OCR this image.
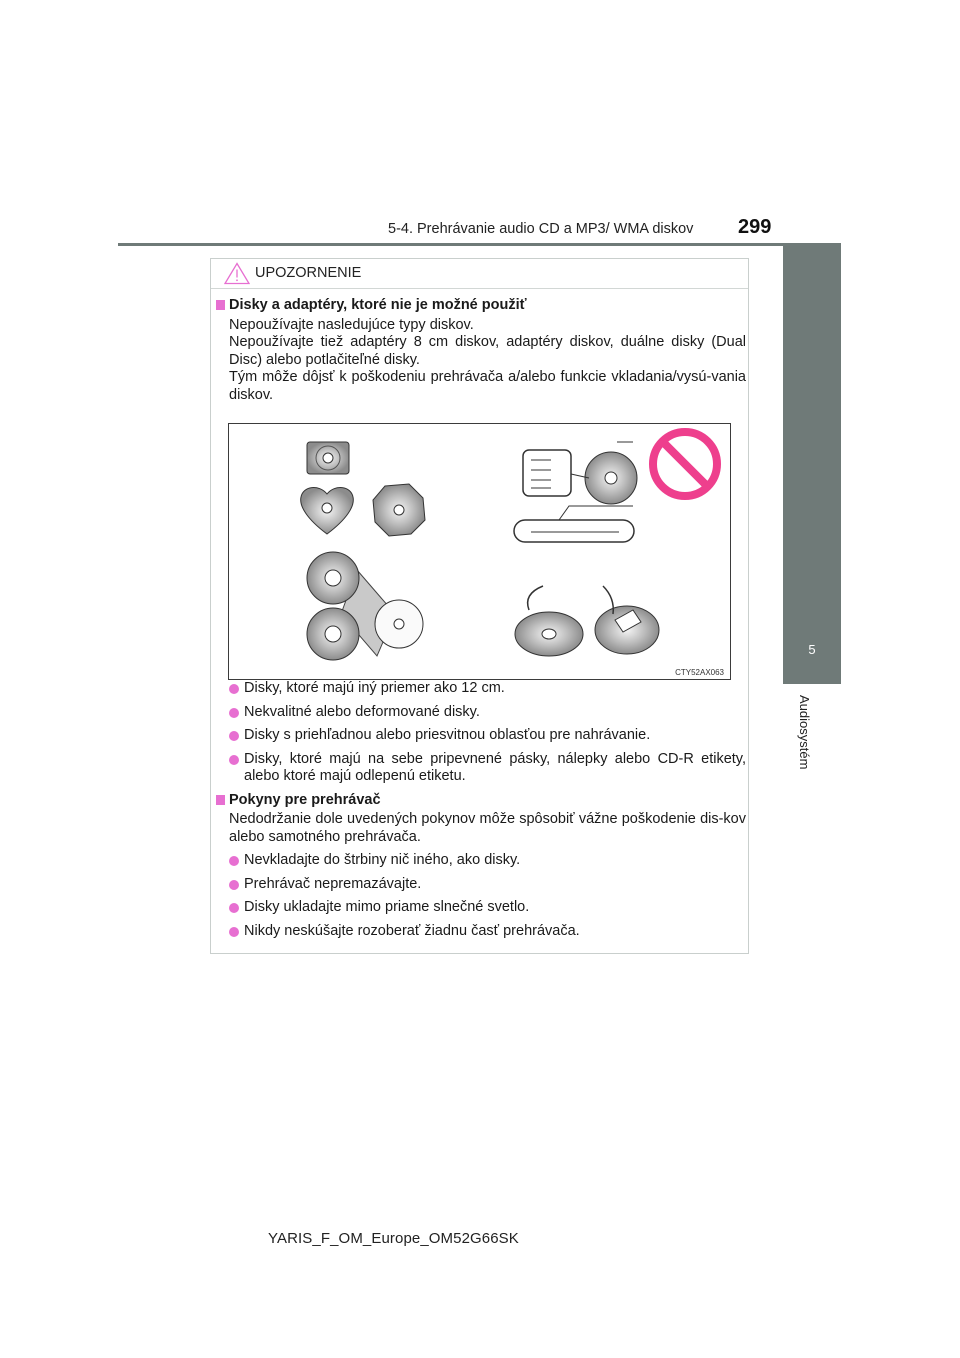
5-4. Prehrávanie audio CD a MP3/ WMA diskov 299
5
Audiosystém
UPOZORNENIE
Disky a adaptéry, ktoré nie je možné použiť
Nepoužívajte nasledujúce typy diskov.
Nepoužívajte tiež adaptéry 8 cm diskov, adaptéry diskov, duálne disky (Dual Disc) alebo potlačiteľné disky.
Tým môže dôjsť k poškodeniu prehrávača a/alebo funkcie vkladania/vysú-vania diskov.
Disky, ktoré majú iný priemer ako 12 cm.
Nekvalitné alebo deformované disky.
Disky s priehľadnou alebo priesvitnou oblasťou pre nahrávanie.
Disky, ktoré majú na sebe pripevnené pásky, nálepky alebo CD-R etikety, alebo ktoré majú odlepenú etiketu.
Pokyny pre prehrávač
Nedodržanie dole uvedených pokynov môže spôsobiť vážne poškodenie dis-kov alebo samotného prehrávača.
Nevkladajte do štrbiny nič iného, ako disky.
Prehrávač nepremazávajte.
Disky ukladajte mimo priame slnečné svetlo.
Nikdy neskúšajte rozoberať žiadnu časť prehrávača.
CTY52AX063
YARIS_F_OM_Europe_OM52G66SK
